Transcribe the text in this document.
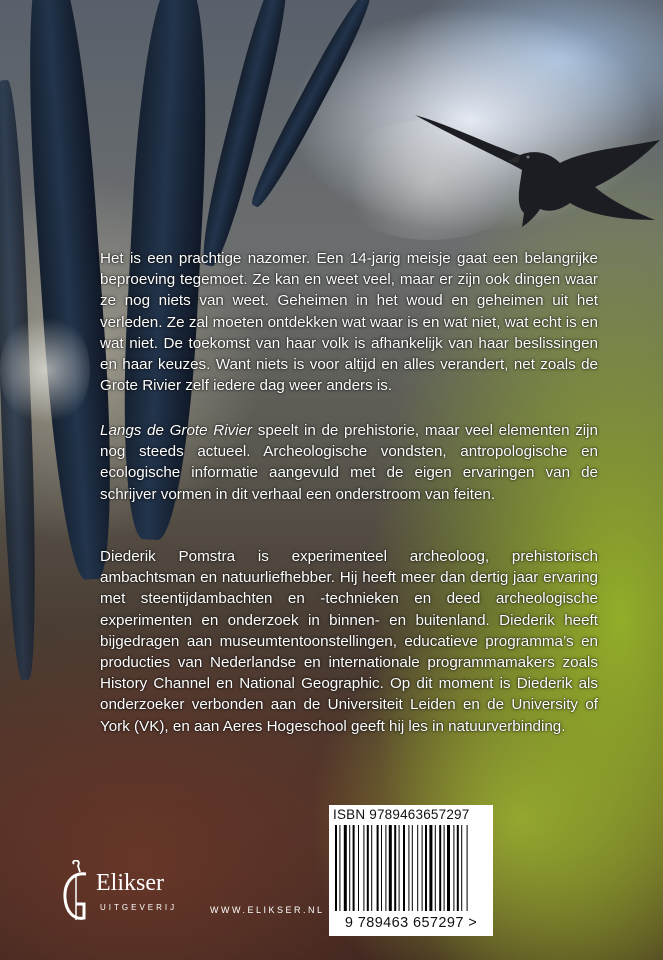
Het is een prachtige nazomer. Een 14-jarig meisje gaat een belangrijke beproeving tegemoet. Ze kan en weet veel, maar er zijn ook dingen waar ze nog niets van weet. Geheimen in het woud en geheimen uit het verleden. Ze zal moeten ontdekken wat waar is en wat niet, wat echt is en wat niet. De toekomst van haar volk is afhankelijk van haar beslissingen en haar keuzes. Want niets is voor altijd en alles verandert, net zoals de Grote Rivier zelf iedere dag weer anders is.
Langs de Grote Rivier speelt in de prehistorie, maar veel elementen zijn nog steeds actueel. Archeologische vondsten, antropologische en ecologische informatie aangevuld met de eigen ervaringen van de schrijver vormen in dit verhaal een onderstroom van feiten.
Diederik Pomstra is experimenteel archeoloog, prehistorisch ambachtsman en natuurliefhebber. Hij heeft meer dan dertig jaar ervaring met steentijdambachten en -technieken en deed archeologische experimenten en onderzoek in binnen- en buitenland. Diederik heeft bijgedragen aan museumtentoonstellingen, educatieve programma’s en producties van Nederlandse en internationale programmamakers zoals History Channel en National Geographic. Op dit moment is Diederik als onderzoeker verbonden aan de Universiteit Leiden en de University of York (VK), en aan Aeres Hogeschool geeft hij les in natuurverbinding.
Elikser
UITGEVERIJ	WWW.ELIKSER.NL
ISBN 9789463657297
9 789463 657297 >
